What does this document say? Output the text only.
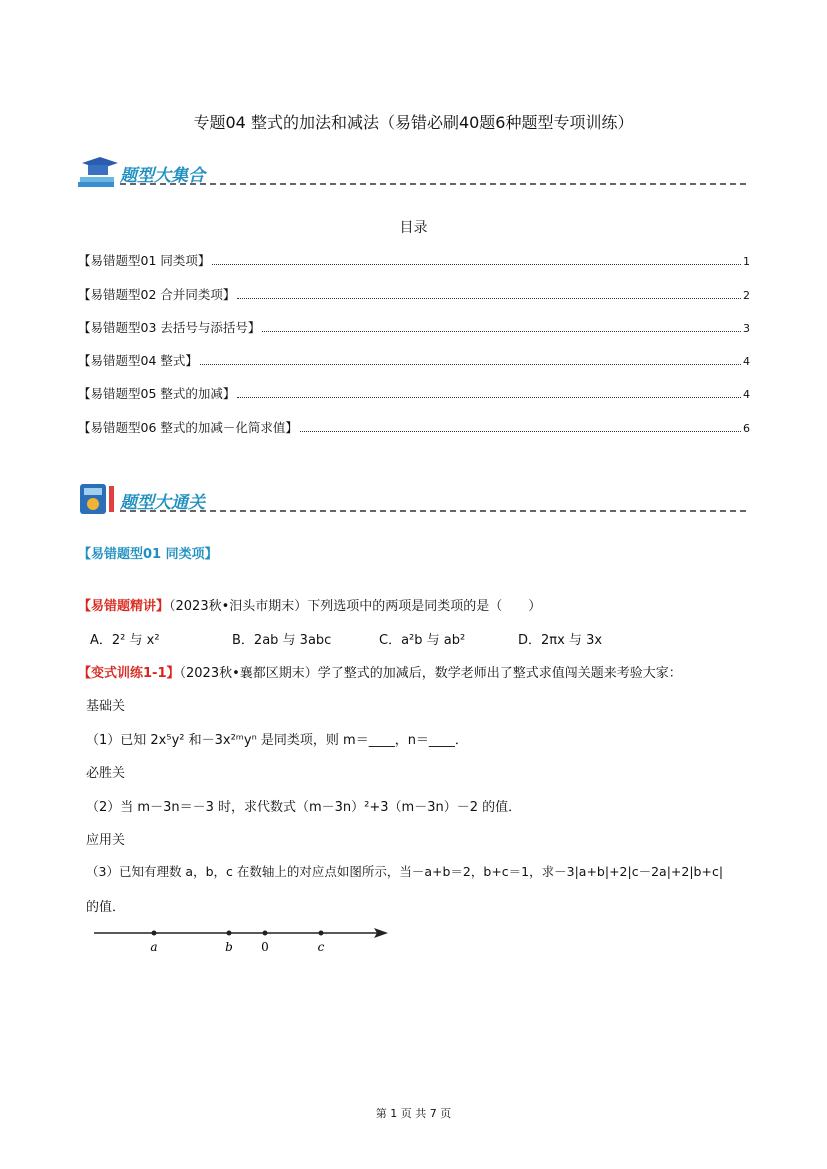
专题04 整式的加法和减法（易错必刷40题6种题型专项训练）
题型大集合
目录
【易错题型01 同类项】	1
【易错题型02 合并同类项】	2
【易错题型03 去括号与添括号】	3
【易错题型04 整式】	4
【易错题型05 整式的加减】	4
【易错题型06 整式的加减－化简求值】	6
题型大通关
【易错题型01 同类项】
【易错题精讲】（2023秋•汨头市期末）下列选项中的两项是同类项的是（　　）
A．2² 与 x²	B．2ab 与 3abc	C．a²b 与 ab²	D．2πx 与 3x
【变式训练1-1】（2023秋•襄都区期末）学了整式的加减后，数学老师出了整式求值闯关题来考验大家：
基础关
（1）已知 2x⁵y² 和－3x²ᵐyⁿ 是同类项，则 m＝____，n＝____．
必胜关
（2）当 m－3n＝－3 时，求代数式（m－3n）²+3（m－3n）－2 的值．
应用关
（3）已知有理数 a，b，c 在数轴上的对应点如图所示，当－a+b＝2，b+c＝1，求－3|a+b|+2|c－2a|+2|b+c|
的值．
a	b 0	c
第 1 页 共 7 页
